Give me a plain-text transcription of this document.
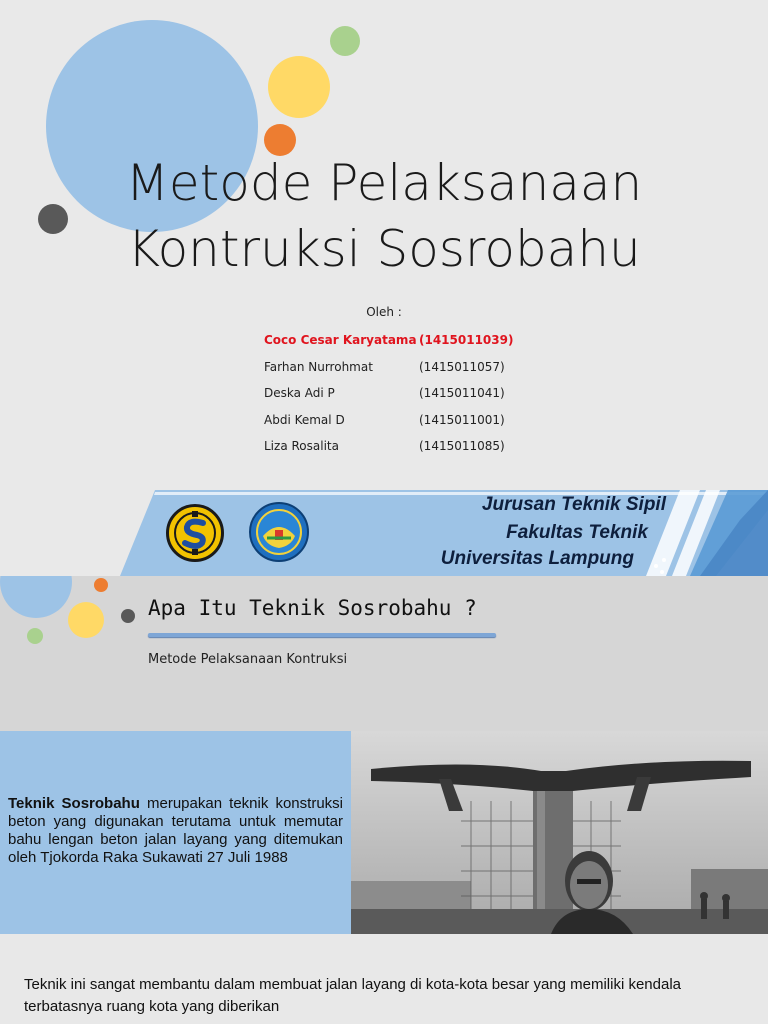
Metode Pelaksanaan
Kontruksi Sosrobahu
Oleh :
Coco Cesar Karyatama (1415011039)
Farhan Nurrohmat	(1415011057)
Deska Adi P	(1415011041)
Abdi Kemal D	(1415011001)
Liza Rosalita	(1415011085)
Jurusan Teknik Sipil
Fakultas Teknik
Universitas Lampung
Apa Itu Teknik Sosrobahu ?
Metode Pelaksanaan Kontruksi

Teknik Sosrobahu merupakan teknik konstruksi beton yang digunakan terutama untuk memutar bahu lengan beton jalan layang yang ditemukan oleh Tjokorda Raka Sukawati 27 Juli 1988

Teknik ini sangat membantu dalam membuat jalan layang di kota-kota besar yang memiliki kendala terbatasnya ruang kota yang diberikan
